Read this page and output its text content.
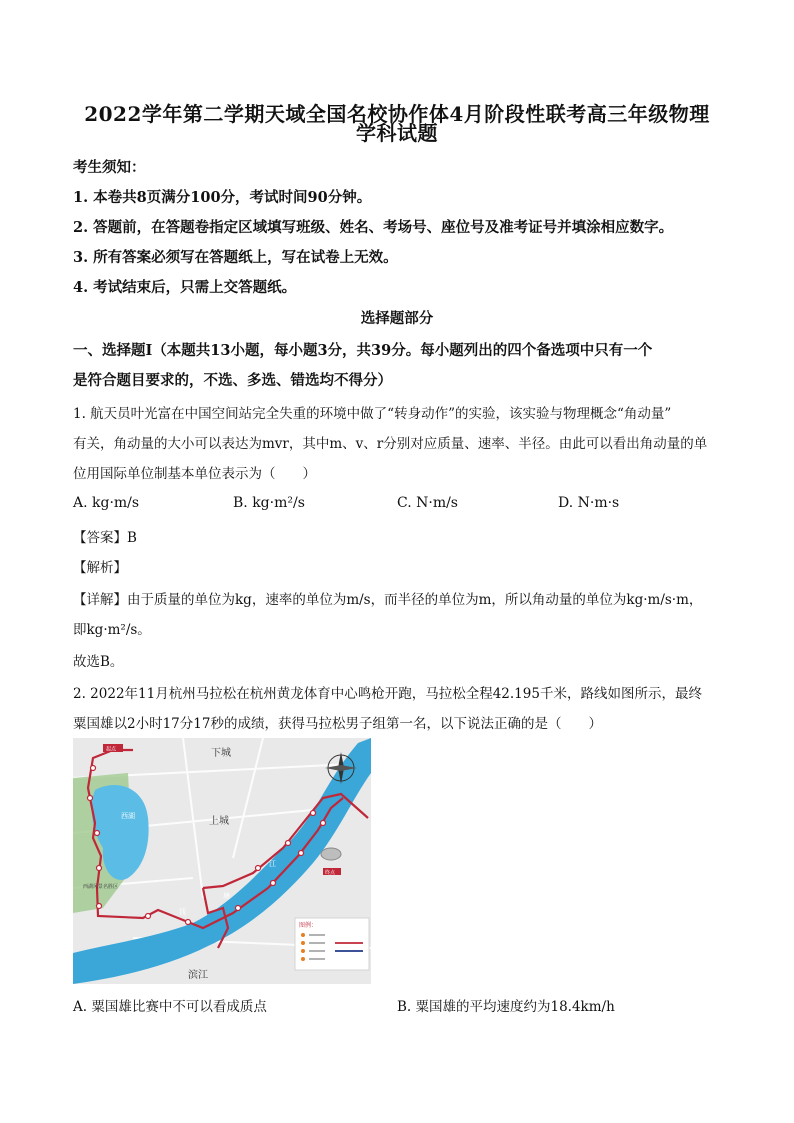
2022学年第二学期天域全国名校协作体4月阶段性联考高三年级物理
学科试题
考生须知：
1. 本卷共8页满分100分，考试时间90分钟。
2. 答题前，在答题卷指定区域填写班级、姓名、考场号、座位号及准考证号并填涂相应数字。
3. 所有答案必须写在答题纸上，写在试卷上无效。
4. 考试结束后，只需上交答题纸。
选择题部分
一、选择题Ⅰ（本题共13小题，每小题3分，共39分。每小题列出的四个备选项中只有一个
是符合题目要求的，不选、多选、错选均不得分）
1. 航天员叶光富在中国空间站完全失重的环境中做了“转身动作”的实验，该实验与物理概念“角动量”
有关，角动量的大小可以表达为mvr，其中m、v、r分别对应质量、速率、半径。由此可以看出角动量的单
位用国际单位制基本单位表示为（　　）
A. kg·m/s	B. kg·m²/s	C. N·m/s	D. N·m·s
【答案】B
【解析】
【详解】由于质量的单位为kg，速率的单位为m/s，而半径的单位为m，所以角动量的单位为kg·m/s·m，
即kg·m²/s。
故选B。
2. 2022年11月杭州马拉松在杭州黄龙体育中心鸣枪开跑，马拉松全程42.195千米，路线如图所示，最终
粟国雄以2小时17分17秒的成绩，获得马拉松男子组第一名，以下说法正确的是（　　）
终点
起点	下城
上城
滨江
西湖
西湖风景名胜区
钱
塘
江
图例：
A. 粟国雄比赛中不可以看成质点	B. 粟国雄的平均速度约为18.4km/h
